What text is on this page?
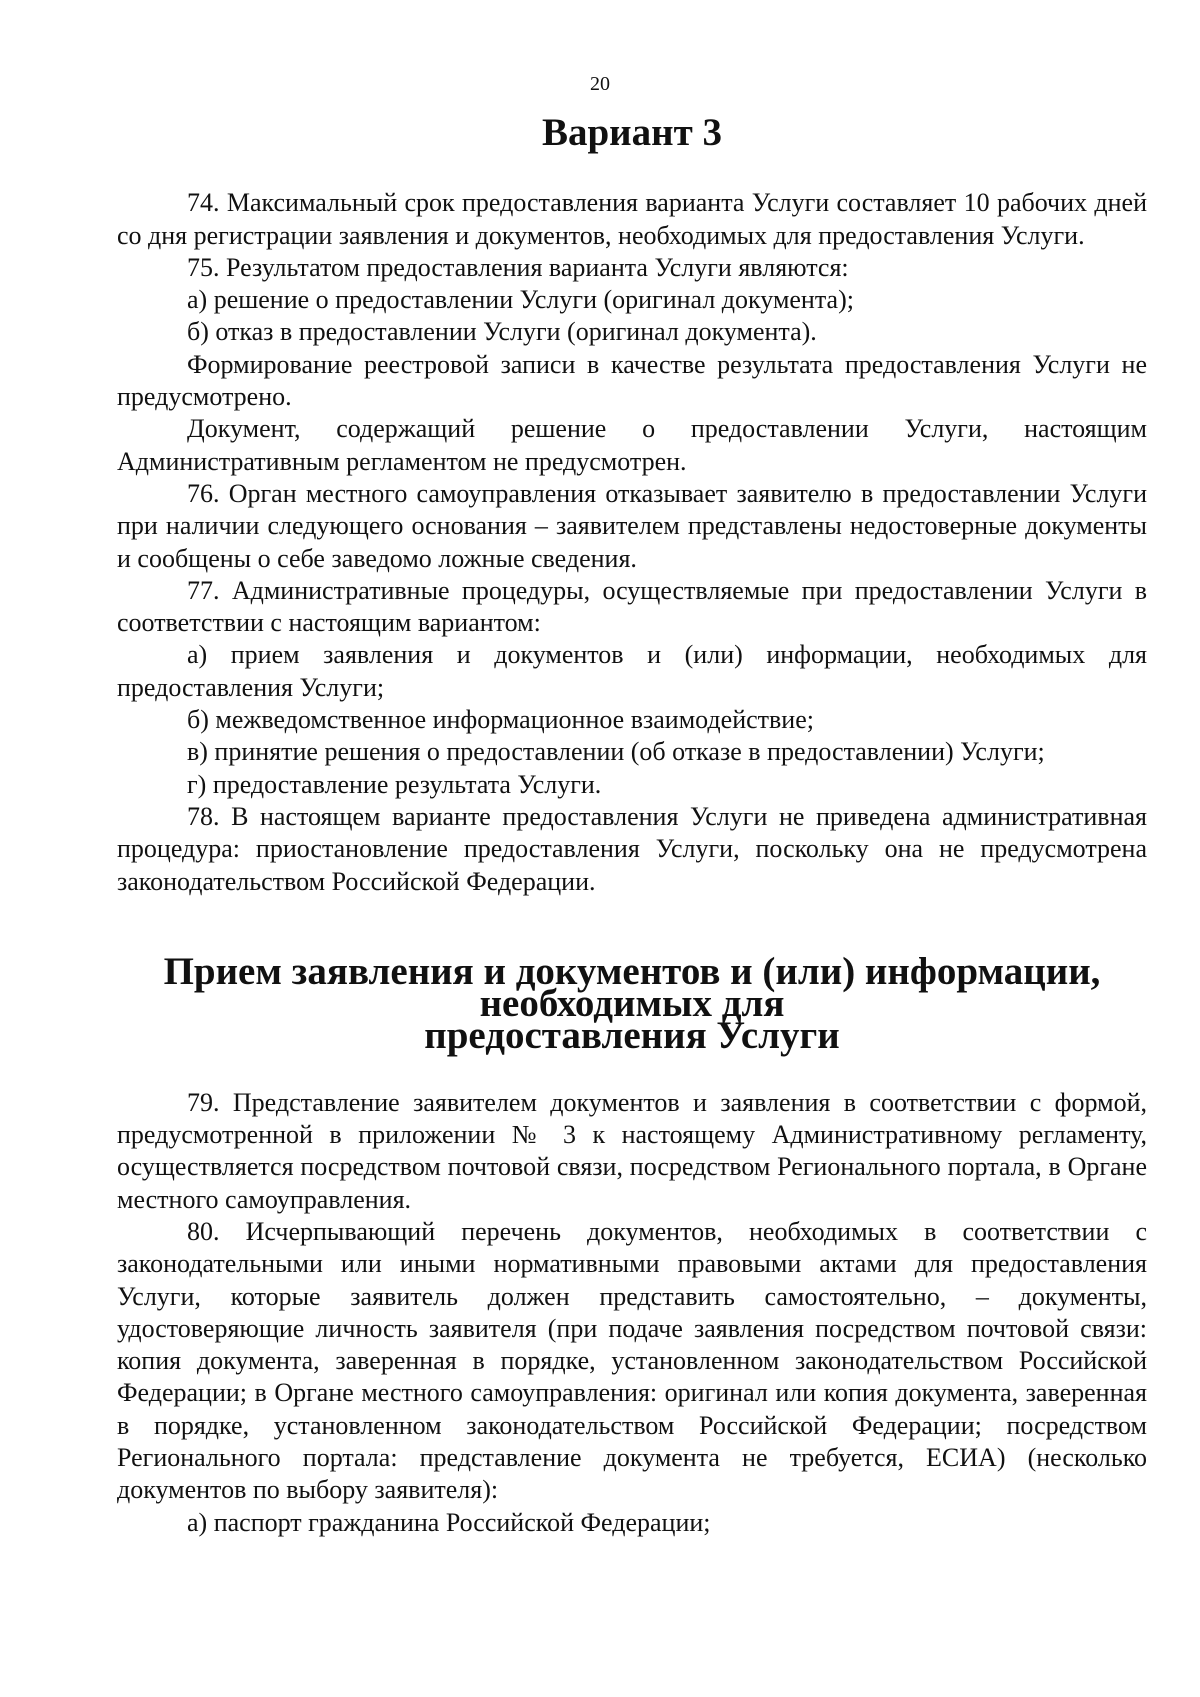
20
Вариант 3

74. Максимальный срок предоставления варианта Услуги составляет 10 рабочих дней со дня регистрации заявления и документов, необходимых для предоставления Услуги.

75. Результатом предоставления варианта Услуги являются:

а) решение о предоставлении Услуги (оригинал документа);

б) отказ в предоставлении Услуги (оригинал документа).

Формирование реестровой записи в качестве результата предоставления Услуги не предусмотрено.

Документ, содержащий решение о предоставлении Услуги, настоящим Административным регламентом не предусмотрен.

76. Орган местного самоуправления отказывает заявителю в предоставлении Услуги при наличии следующего основания – заявителем представлены недостоверные документы и сообщены о себе заведомо ложные сведения.

77. Административные процедуры, осуществляемые при предоставлении Услуги в соответствии с настоящим вариантом:

а) прием заявления и документов и (или) информации, необходимых для предоставления Услуги;

б) межведомственное информационное взаимодействие;

в) принятие решения о предоставлении (об отказе в предоставлении) Услуги;

г) предоставление результата Услуги.

78. В настоящем варианте предоставления Услуги не приведена административная процедура: приостановление предоставления Услуги, поскольку она не предусмотрена законодательством Российской Федерации.

Прием заявления и документов и (или) информации, необходимых для
предоставления Услуги

79. Представление заявителем документов и заявления в соответствии с формой, предусмотренной в приложении № 3 к настоящему Административному регламенту, осуществляется посредством почтовой связи, посредством Регионального портала, в Органе местного самоуправления.

80. Исчерпывающий перечень документов, необходимых в соответствии с законодательными или иными нормативными правовыми актами для предоставления Услуги, которые заявитель должен представить самостоятельно, – документы, удостоверяющие личность заявителя (при подаче заявления посредством почтовой связи: копия документа, заверенная в порядке, установленном законодательством Российской Федерации; в Органе местного самоуправления: оригинал или копия документа, заверенная в порядке, установленном законодательством Российской Федерации; посредством Регионального портала: представление документа не требуется, ЕСИА) (несколько документов по выбору заявителя):

а) паспорт гражданина Российской Федерации;
